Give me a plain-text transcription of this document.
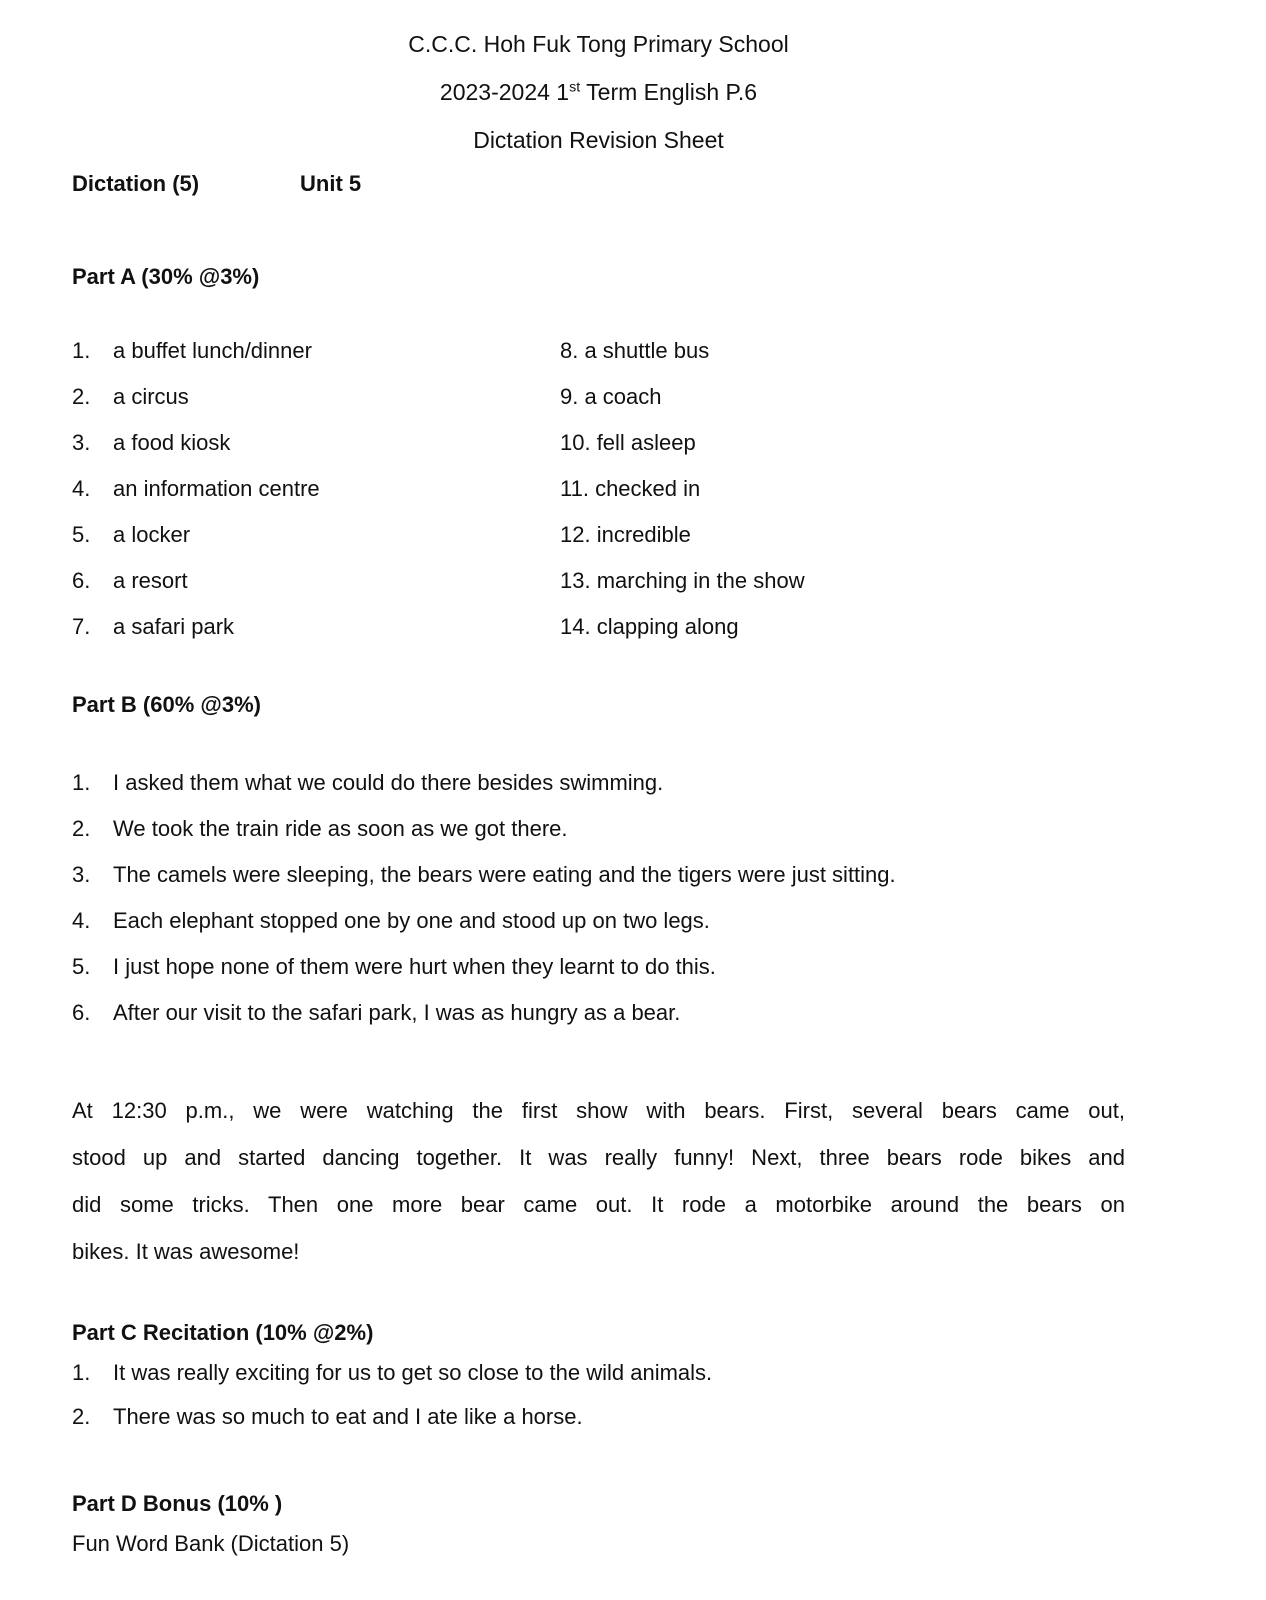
C.C.C. Hoh Fuk Tong Primary School
2023-2024 1st Term English P.6
Dictation Revision Sheet
Dictation (5)	Unit 5
Part A (30% @3%)
1. a buffet lunch/dinner	8. a shuttle bus
2. a circus	9. a coach
3. a food kiosk	10. fell asleep
4. an information centre	11. checked in
5. a locker	12. incredible
6. a resort	13. marching in the show
7. a safari park	14. clapping along
Part B (60% @3%)
1. I asked them what we could do there besides swimming.
2. We took the train ride as soon as we got there.
3. The camels were sleeping, the bears were eating and the tigers were just sitting.
4. Each elephant stopped one by one and stood up on two legs.
5. I just hope none of them were hurt when they learnt to do this.
6. After our visit to the safari park, I was as hungry as a bear.
At 12:30 p.m., we were watching the first show with bears. First, several bears came out,
stood up and started dancing together. It was really funny! Next, three bears rode bikes and
did some tricks. Then one more bear came out. It rode a motorbike around the bears on
bikes. It was awesome!
Part C Recitation (10% @2%)
1. It was really exciting for us to get so close to the wild animals.
2. There was so much to eat and I ate like a horse.
Part D Bonus (10% )
Fun Word Bank (Dictation 5)
